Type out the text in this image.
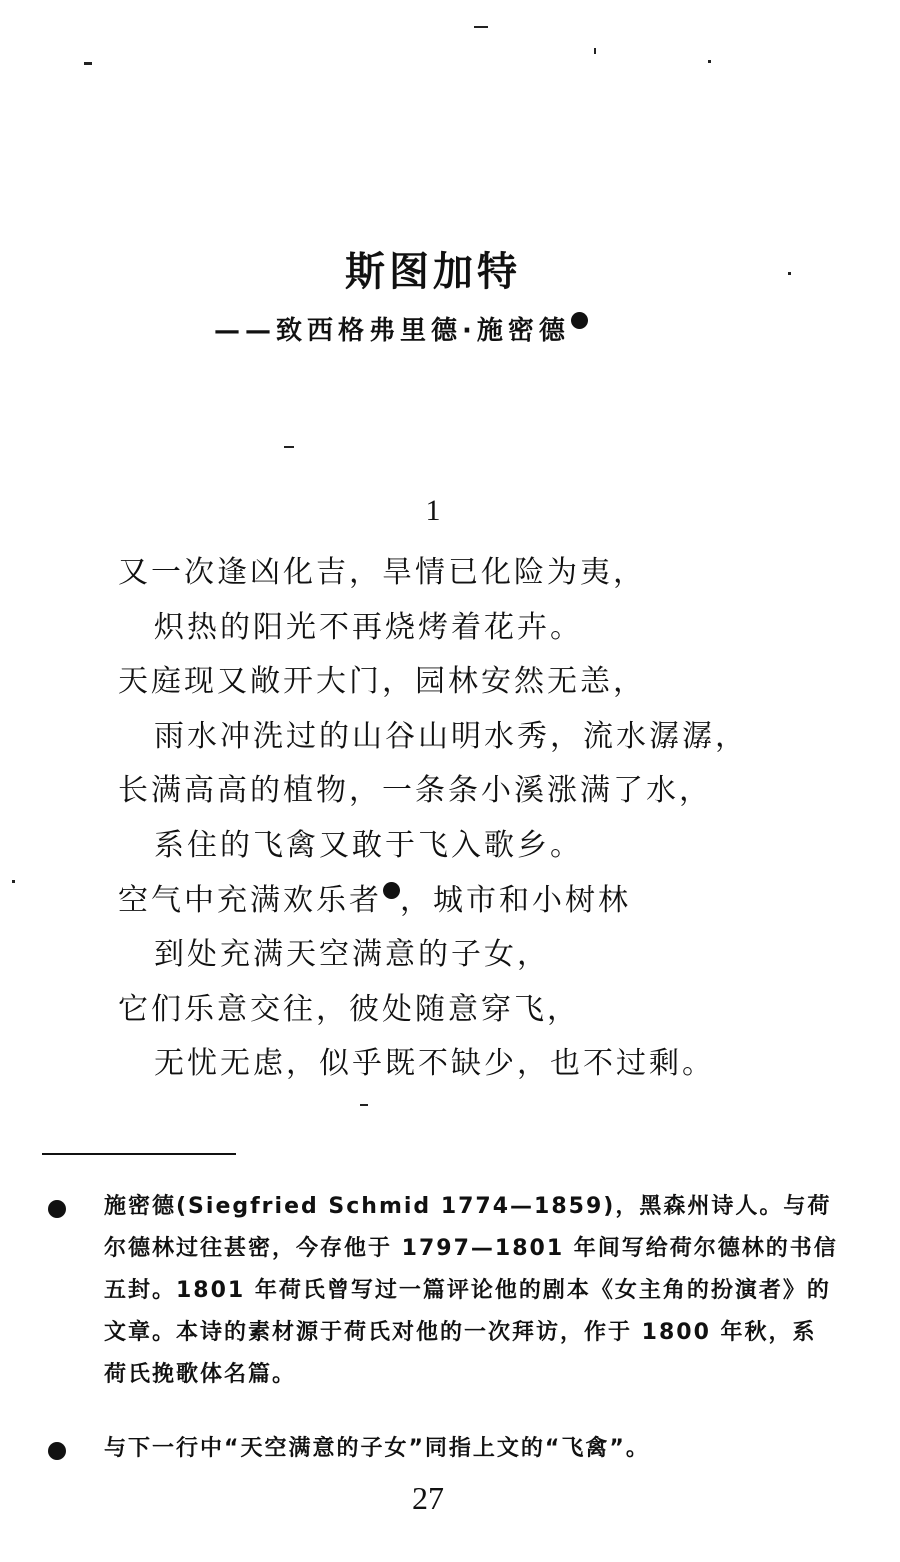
斯图加特
——致西格弗里德·施密德
1
又一次逢凶化吉，旱情已化险为夷，
炽热的阳光不再烧烤着花卉。
天庭现又敞开大门，园林安然无恙，
雨水冲洗过的山谷山明水秀，流水潺潺，
长满高高的植物，一条条小溪涨满了水，
系住的飞禽又敢于飞入歌乡。
空气中充满欢乐者 ，城市和小树林
到处充满天空满意的子女，
它们乐意交往，彼处随意穿飞，
无忧无虑，似乎既不缺少，也不过剩。
施密德(Siegfried Schmid 1774—1859)，黑森州诗人。与荷尔德林过往甚密，今存他于 1797—1801 年间写给荷尔德林的书信五封。1801 年荷氏曾写过一篇评论他的剧本《女主角的扮演者》的文章。本诗的素材源于荷氏对他的一次拜访，作于 1800 年秋，系荷氏挽歌体名篇。
与下一行中“天空满意的子女”同指上文的“飞禽”。
27
